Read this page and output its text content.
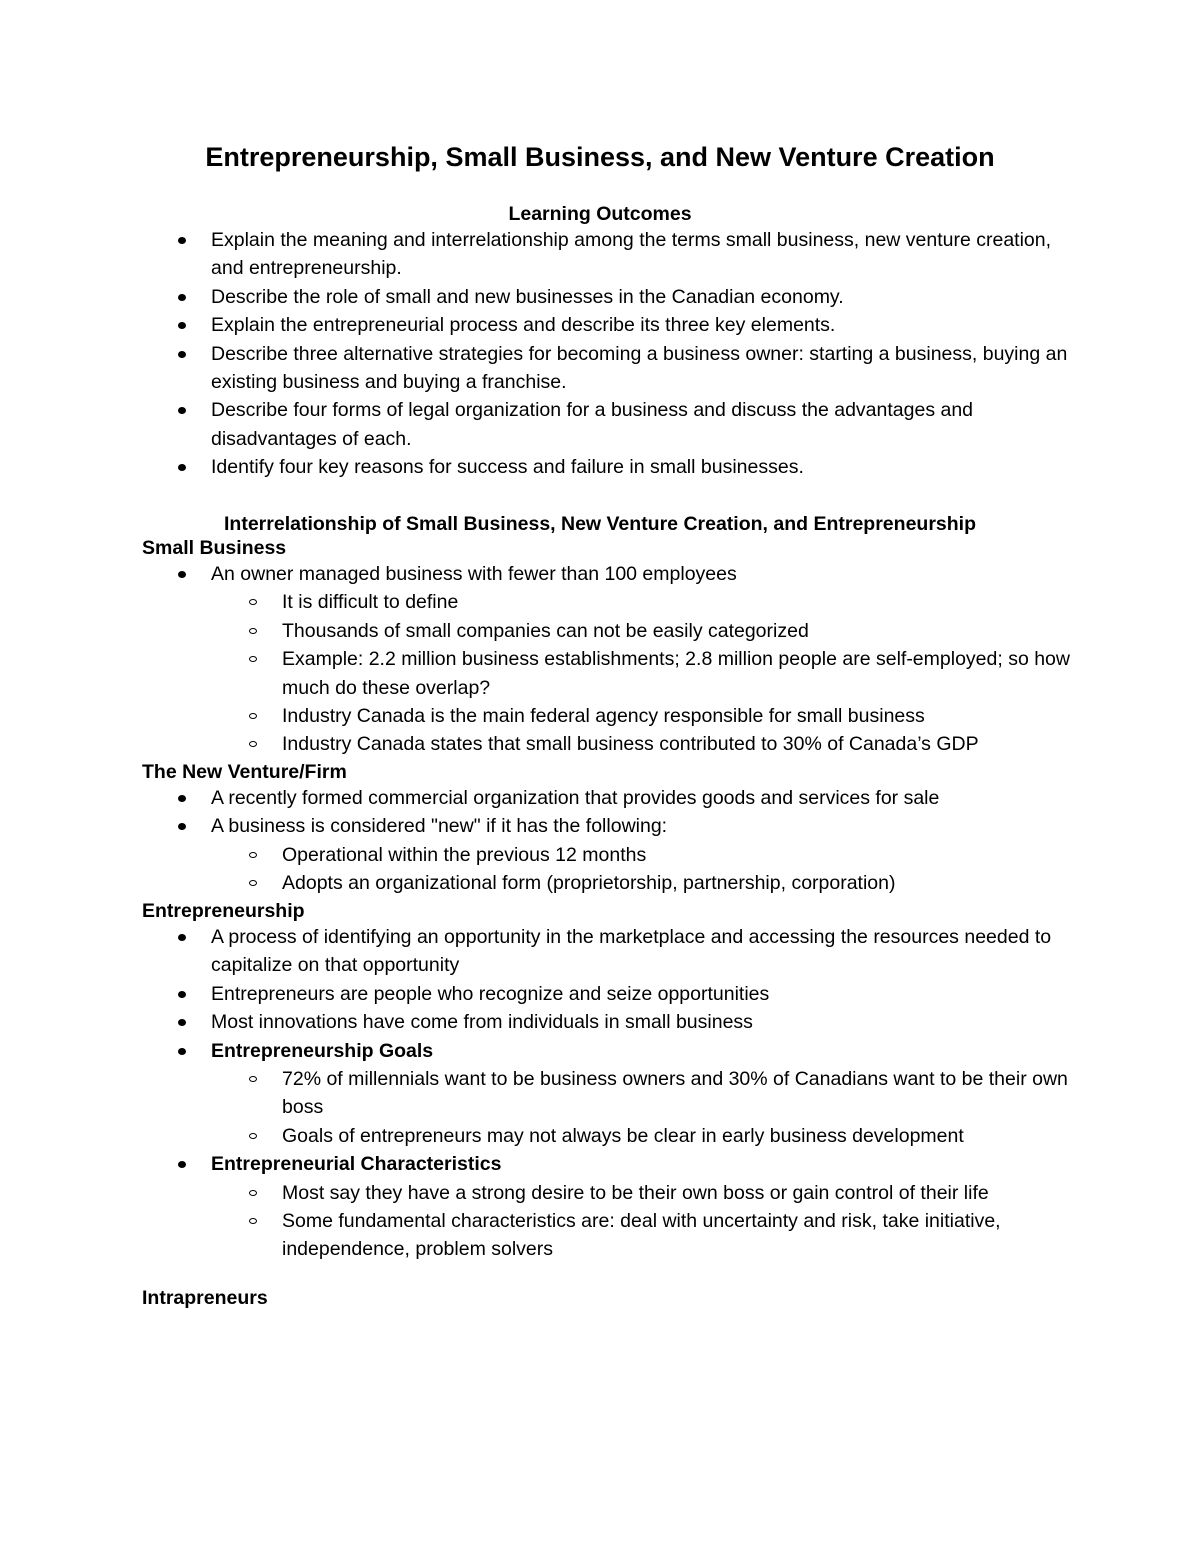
Entrepreneurship, Small Business, and New Venture Creation
Learning Outcomes
Explain the meaning and interrelationship among the terms small business, new venture creation, and entrepreneurship.
Describe the role of small and new businesses in the Canadian economy.
Explain the entrepreneurial process and describe its three key elements.
Describe three alternative strategies for becoming a business owner: starting a business, buying an existing business and buying a franchise.
Describe four forms of legal organization for a business and discuss the advantages and disadvantages of each.
Identify four key reasons for success and failure in small businesses.
Interrelationship of Small Business, New Venture Creation, and Entrepreneurship
Small Business
An owner managed business with fewer than 100 employees
It is difficult to define
Thousands of small companies can not be easily categorized
Example: 2.2 million business establishments; 2.8 million people are self-employed; so how much do these overlap?
Industry Canada is the main federal agency responsible for small business
Industry Canada states that small business contributed to 30% of Canada’s GDP
The New Venture/Firm
A recently formed commercial organization that provides goods and services for sale
A business is considered "new" if it has the following:
Operational within the previous 12 months
Adopts an organizational form (proprietorship, partnership, corporation)
Entrepreneurship
A process of identifying an opportunity in the marketplace and accessing the resources needed to capitalize on that opportunity
Entrepreneurs are people who recognize and seize opportunities
Most innovations have come from individuals in small business
Entrepreneurship Goals
72% of millennials want to be business owners and 30% of Canadians want to be their own boss
Goals of entrepreneurs may not always be clear in early business development
Entrepreneurial Characteristics
Most say they have a strong desire to be their own boss or gain control of their life
Some fundamental characteristics are: deal with uncertainty and risk, take initiative, independence, problem solvers
Intrapreneurs
